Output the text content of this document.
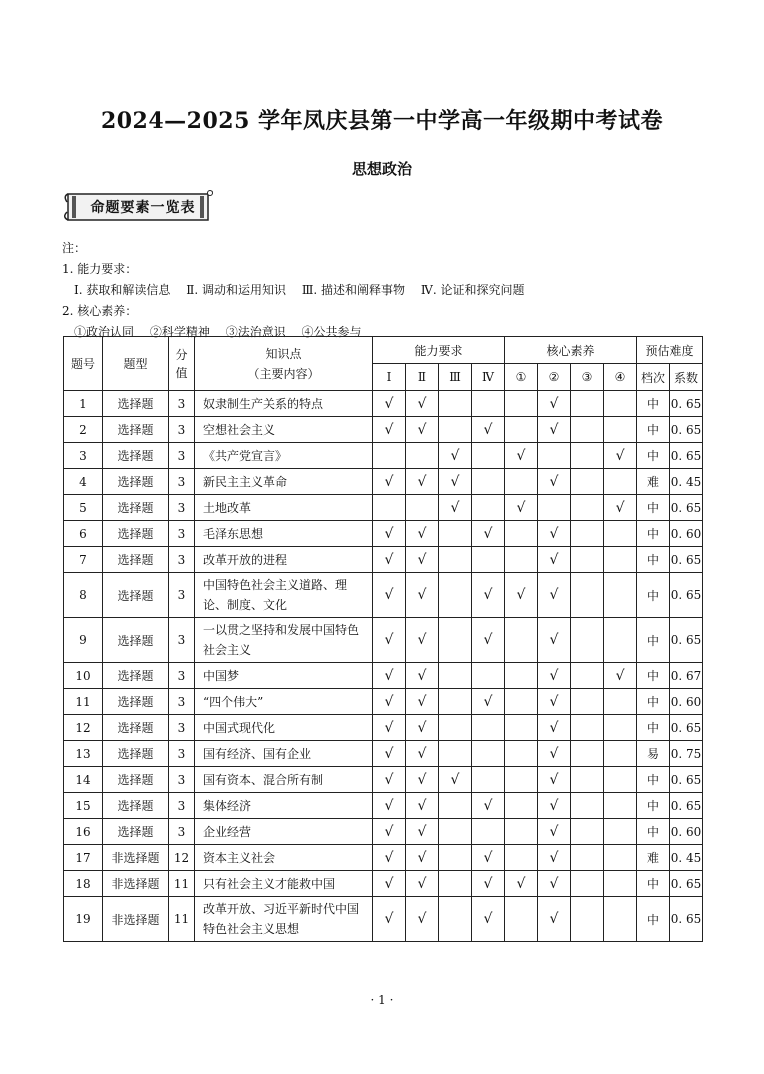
2024—2025 学年凤庆县第一中学高一年级期中考试卷
思想政治
命题要素一览表
注：
1. 能力要求：
Ⅰ. 获取和解读信息 Ⅱ. 调动和运用知识 Ⅲ. 描述和阐释事物 Ⅳ. 论证和探究问题
2. 核心素养：
①政治认同 ②科学精神 ③法治意识 ④公共参与
题号	题型	分值	知识点
（主要内容）	能力要求				核心素养				预估难度	
				Ⅰ	Ⅱ	Ⅲ	Ⅳ	①	②	③	④	档次	系数
1	选择题	3	奴隶制生产关系的特点	√	√				√			中	0. 65
2	选择题	3	空想社会主义	√	√		√		√			中	0. 65
3	选择题	3	《共产党宣言》			√		√			√	中	0. 65
4	选择题	3	新民主主义革命	√	√	√			√			难	0. 45
5	选择题	3	土地改革			√		√			√	中	0. 65
6	选择题	3	毛泽东思想	√	√		√		√			中	0. 60
7	选择题	3	改革开放的进程	√	√				√			中	0. 65
8	选择题	3	中国特色社会主义道路、理论、制度、文化	√	√		√	√	√			中	0. 65
9	选择题	3	一以贯之坚持和发展中国特色社会主义	√	√		√		√			中	0. 65
10	选择题	3	中国梦	√	√				√		√	中	0. 67
11	选择题	3	“四个伟大”	√	√		√		√			中	0. 60
12	选择题	3	中国式现代化	√	√				√			中	0. 65
13	选择题	3	国有经济、国有企业	√	√				√			易	0. 75
14	选择题	3	国有资本、混合所有制	√	√	√			√			中	0. 65
15	选择题	3	集体经济	√	√		√		√			中	0. 65
16	选择题	3	企业经营	√	√				√			中	0. 60
17	非选择题	12	资本主义社会	√	√		√		√			难	0. 45
18	非选择题	11	只有社会主义才能救中国	√	√		√	√	√			中	0. 65
19	非选择题	11	改革开放、习近平新时代中国特色社会主义思想	√	√		√		√			中	0. 65
· 1 ·
